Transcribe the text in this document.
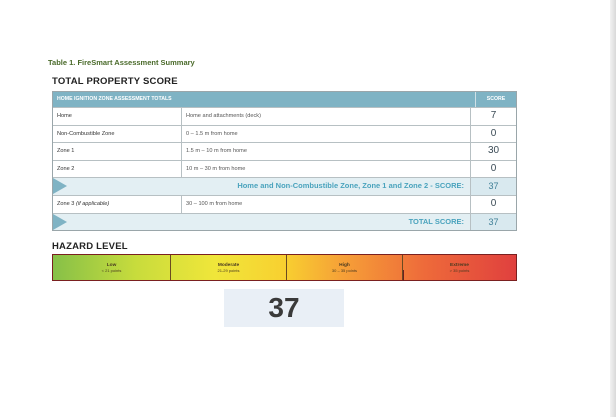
Table 1. FireSmart Assessment Summary
TOTAL PROPERTY SCORE
HOME IGNITION ZONE ASSESSMENT TOTALS	SCORE
Home	Home and attachments (deck)	7
Non-Combustible Zone	0 – 1.5 m from home	0
Zone 1	1.5 m – 10 m from home	30
Zone 2	10 m – 30 m from home	0
Home and Non-Combustible Zone, Zone 1 and Zone 2 - SCORE:	37
Zone 3 (if applicable)	30 – 100 m from home	0
TOTAL SCORE:	37
HAZARD LEVEL
Low
< 21 points
Moderate
21-29 points
High
30 – 35 points
Extreme
> 35 points
37
